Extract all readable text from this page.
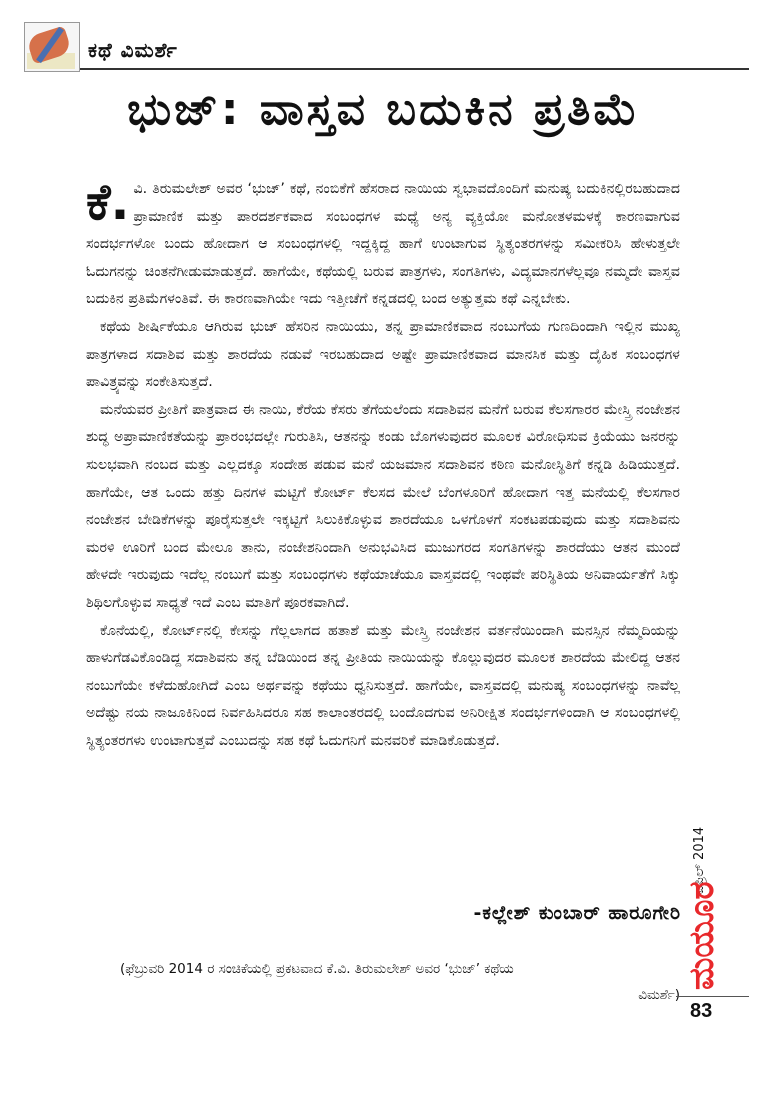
ಕಥೆ ವಿಮರ್ಶೆ
ಭುಜ್: ವಾಸ್ತವ ಬದುಕಿನ ಪ್ರತಿಮೆ

ಕೆ. ವಿ. ತಿರುಮಲೇಶ್ ಅವರ ‘ಭುಜ್’ ಕಥೆ, ನಂಬಿಕೆಗೆ ಹೆಸರಾದ ನಾಯಿಯ ಸ್ವಭಾವದೊಂದಿಗೆ ಮನುಷ್ಯ ಬದುಕಿನಲ್ಲಿರಬಹುದಾದ ಪ್ರಾಮಾಣಿಕ ಮತ್ತು ಪಾರದರ್ಶಕವಾದ ಸಂಬಂಧಗಳ ಮಧ್ಯೆ ಅನ್ಯ ವ್ಯಕ್ತಿಯೋ ಮನೋತಳಮಳಕ್ಕೆ ಕಾರಣವಾಗುವ ಸಂದರ್ಭಗಳೋ ಬಂದು ಹೋದಾಗ ಆ ಸಂಬಂಧಗಳಲ್ಲಿ ಇದ್ದಕ್ಕಿದ್ದ ಹಾಗೆ ಉಂಟಾಗುವ ಸ್ಥಿತ್ಯಂತರಗಳನ್ನು ಸಮೀಕರಿಸಿ ಹೇಳುತ್ತಲೇ ಓದುಗನನ್ನು ಚಿಂತನೆಗೀಡುಮಾಡುತ್ತದೆ. ಹಾಗೆಯೇ, ಕಥೆಯಲ್ಲಿ ಬರುವ ಪಾತ್ರಗಳು, ಸಂಗತಿಗಳು, ವಿದ್ಯಮಾನಗಳೆಲ್ಲವೂ ನಮ್ಮದೇ ವಾಸ್ತವ ಬದುಕಿನ ಪ್ರತಿಮೆಗಳಂತಿವೆ. ಈ ಕಾರಣವಾಗಿಯೇ ಇದು ಇತ್ತೀಚೆಗೆ ಕನ್ನಡದಲ್ಲಿ ಬಂದ ಅತ್ಯುತ್ತಮ ಕಥೆ ಎನ್ನಬೇಕು.

ಕಥೆಯ ಶೀರ್ಷಿಕೆಯೂ ಆಗಿರುವ ಭುಜ್ ಹೆಸರಿನ ನಾಯಿಯು, ತನ್ನ ಪ್ರಾಮಾಣಿಕವಾದ ನಂಬುಗೆಯ ಗುಣದಿಂದಾಗಿ ಇಲ್ಲಿನ ಮುಖ್ಯ ಪಾತ್ರಗಳಾದ ಸದಾಶಿವ ಮತ್ತು ಶಾರದೆಯ ನಡುವೆ ಇರಬಹುದಾದ ಅಷ್ಟೇ ಪ್ರಾಮಾಣಿಕವಾದ ಮಾನಸಿಕ ಮತ್ತು ದೈಹಿಕ ಸಂಬಂಧಗಳ ಪಾವಿತ್ರ್ಯವನ್ನು ಸಂಕೇತಿಸುತ್ತದೆ.

ಮನೆಯವರ ಪ್ರೀತಿಗೆ ಪಾತ್ರವಾದ ಈ ನಾಯಿ, ಕೆರೆಯ ಕೆಸರು ತೆಗೆಯಲೆಂದು ಸದಾಶಿವನ ಮನೆಗೆ ಬರುವ ಕೆಲಸಗಾರರ ಮೇಸ್ತ್ರಿ ನಂಜೇಶನ ಶುದ್ಧ ಅಪ್ರಾಮಾಣಿಕತೆಯನ್ನು ಪ್ರಾರಂಭದಲ್ಲೇ ಗುರುತಿಸಿ, ಆತನನ್ನು ಕಂಡು ಬೊಗಳುವುದರ ಮೂಲಕ ವಿರೋಧಿಸುವ ಕ್ರಿಯೆಯು ಜನರನ್ನು ಸುಲಭವಾಗಿ ನಂಬದ ಮತ್ತು ಎಲ್ಲದಕ್ಕೂ ಸಂದೇಹ ಪಡುವ ಮನೆ ಯಜಮಾನ ಸದಾಶಿವನ ಕಠಿಣ ಮನೋಸ್ಥಿತಿಗೆ ಕನ್ನಡಿ ಹಿಡಿಯುತ್ತದೆ. ಹಾಗೆಯೇ, ಆತ ಒಂದು ಹತ್ತು ದಿನಗಳ ಮಟ್ಟಿಗೆ ಕೋರ್ಟ್ ಕೆಲಸದ ಮೇಲೆ ಬೆಂಗಳೂರಿಗೆ ಹೋದಾಗ ಇತ್ತ ಮನೆಯಲ್ಲಿ ಕೆಲಸಗಾರ ನಂಜೇಶನ ಬೇಡಿಕೆಗಳನ್ನು ಪೂರೈಸುತ್ತಲೇ ಇಕ್ಕಟ್ಟಿಗೆ ಸಿಲುಕಿಕೊಳ್ಳುವ ಶಾರದೆಯೂ ಒಳಗೊಳಗೆ ಸಂಕಟಪಡುವುದು ಮತ್ತು ಸದಾಶಿವನು ಮರಳಿ ಊರಿಗೆ ಬಂದ ಮೇಲೂ ತಾನು, ನಂಜೇಶನಿಂದಾಗಿ ಅನುಭವಿಸಿದ ಮುಜುಗರದ ಸಂಗತಿಗಳನ್ನು ಶಾರದೆಯು ಆತನ ಮುಂದೆ ಹೇಳದೇ ಇರುವುದು ಇದೆಲ್ಲ ನಂಬುಗೆ ಮತ್ತು ಸಂಬಂಧಗಳು ಕಥೆಯಾಚೆಯೂ ವಾಸ್ತವದಲ್ಲಿ ಇಂಥವೇ ಪರಿಸ್ಥಿತಿಯ ಅನಿವಾರ್ಯತೆಗೆ ಸಿಕ್ಕು ಶಿಥಿಲಗೊಳ್ಳುವ ಸಾಧ್ಯತೆ ಇದೆ ಎಂಬ ಮಾತಿಗೆ ಪೂರಕವಾಗಿದೆ.

ಕೊನೆಯಲ್ಲಿ, ಕೋರ್ಟ್‌ನಲ್ಲಿ ಕೇಸನ್ನು ಗೆಲ್ಲಲಾಗದ ಹತಾಶೆ ಮತ್ತು ಮೇಸ್ತ್ರಿ ನಂಜೇಶನ ವರ್ತನೆಯಿಂದಾಗಿ ಮನಸ್ಸಿನ ನೆಮ್ಮದಿಯನ್ನು ಹಾಳುಗೆಡವಿಕೊಂಡಿದ್ದ ಸದಾಶಿವನು ತನ್ನ ಬೆಡಿಯಿಂದ ತನ್ನ ಪ್ರೀತಿಯ ನಾಯಿಯನ್ನು ಕೊಲ್ಲುವುದರ ಮೂಲಕ ಶಾರದೆಯ ಮೇಲಿದ್ದ ಆತನ ನಂಬುಗೆಯೇ ಕಳೆದುಹೋಗಿದೆ ಎಂಬ ಅರ್ಥವನ್ನು ಕಥೆಯು ಧ್ವನಿಸುತ್ತದೆ. ಹಾಗೆಯೇ, ವಾಸ್ತವದಲ್ಲಿ ಮನುಷ್ಯ ಸಂಬಂಧಗಳನ್ನು ನಾವೆಲ್ಲ ಅದೆಷ್ಟು ನಯ ನಾಜೂಕಿನಿಂದ ನಿರ್ವಹಿಸಿದರೂ ಸಹ ಕಾಲಾಂತರದಲ್ಲಿ ಬಂದೊದಗುವ ಅನಿರೀಕ್ಷಿತ ಸಂದರ್ಭಗಳಿಂದಾಗಿ ಆ ಸಂಬಂಧಗಳಲ್ಲಿ ಸ್ಥಿತ್ಯಂತರಗಳು ಉಂಟಾಗುತ್ತವೆ ಎಂಬುದನ್ನು ಸಹ ಕಥೆ ಓದುಗನಿಗೆ ಮನವರಿಕೆ ಮಾಡಿಕೊಡುತ್ತದೆ.

-ಕಲ್ಲೇಶ್ ಕುಂಬಾರ್ ಹಾರೂಗೇರಿ
(ಫೆಬ್ರುವರಿ 2014 ರ ಸಂಚಿಕೆಯಲ್ಲಿ ಪ್ರಕಟವಾದ ಕೆ.ವಿ. ತಿರುಮಲೇಶ್ ಅವರ ‘ಭುಜ್’ ಕಥೆಯ
ವಿಮರ್ಶೆ)
ಏಪ್ರಿಲ್ 2014
ಮಯೂರ
83
